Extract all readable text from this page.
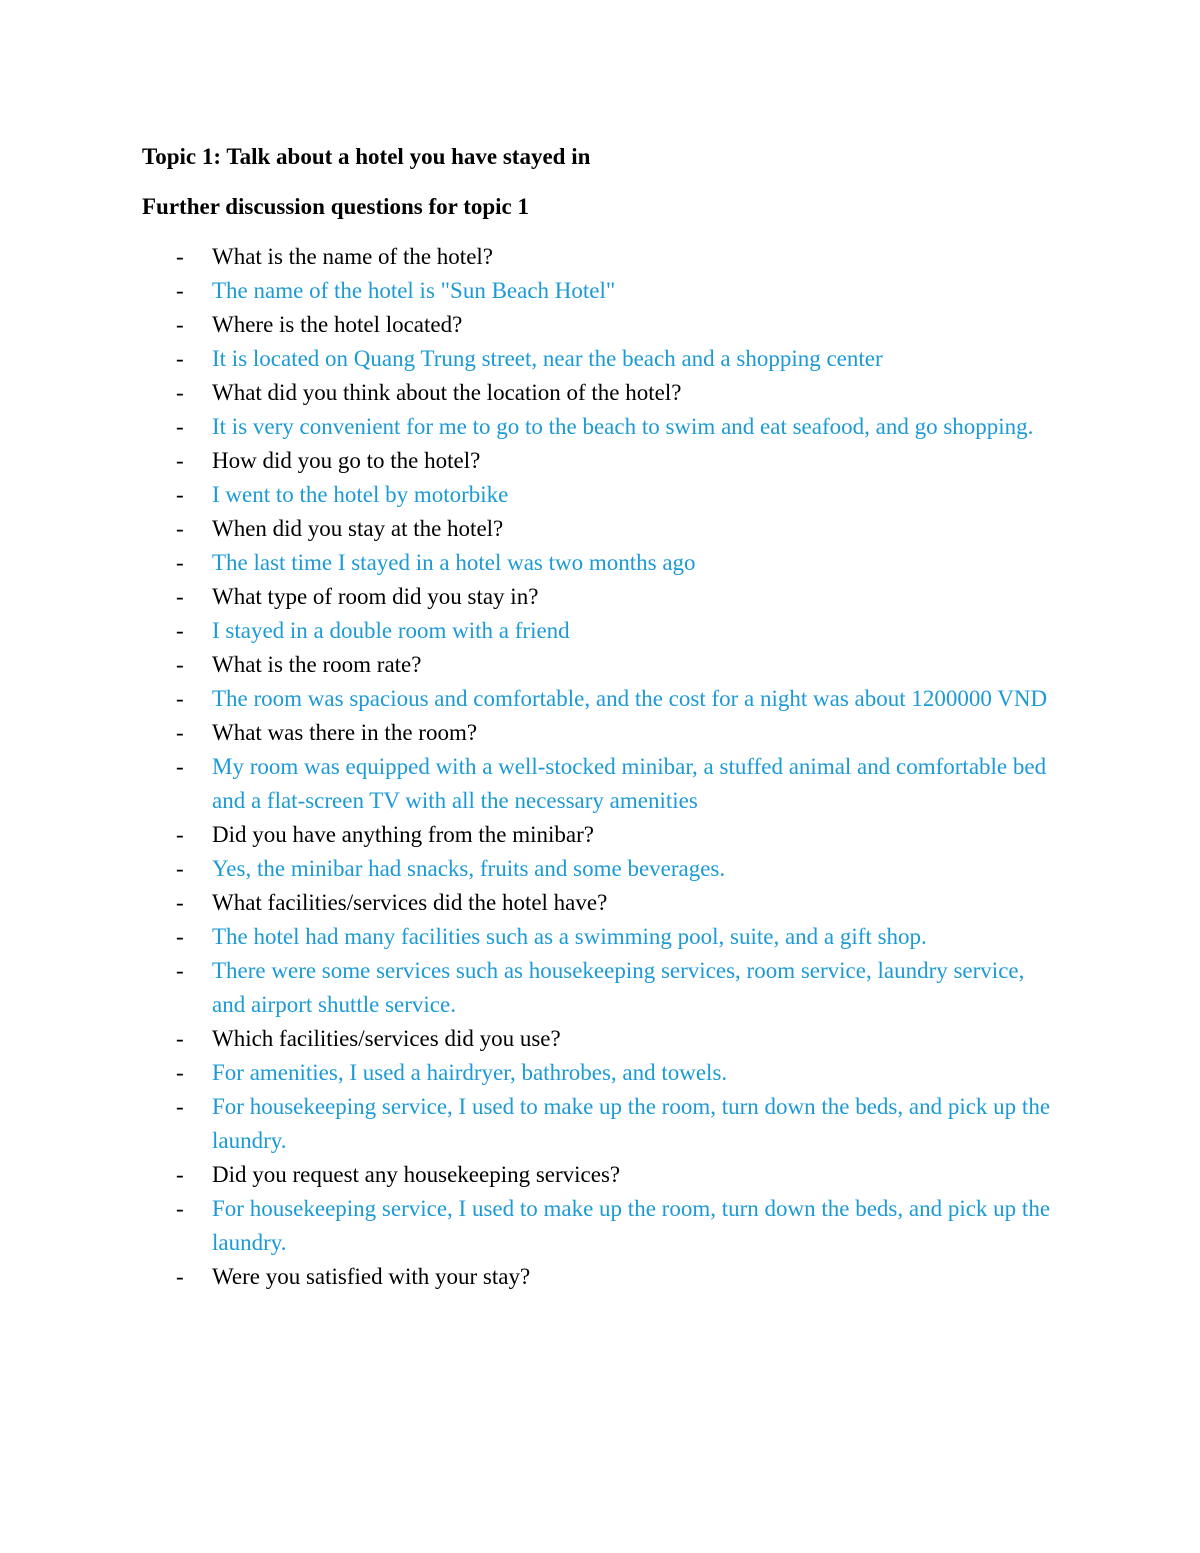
Topic 1: Talk about a hotel you have stayed in

Further discussion questions for topic 1

- What is the name of the hotel?
- The name of the hotel is "Sun Beach Hotel"
- Where is the hotel located?
- It is located on Quang Trung street, near the beach and a shopping center
- What did you think about the location of the hotel?
- It is very convenient for me to go to the beach to swim and eat seafood, and go shopping.
- How did you go to the hotel?
- I went to the hotel by motorbike
- When did you stay at the hotel?
- The last time I stayed in a hotel was two months ago
- What type of room did you stay in?
- I stayed in a double room with a friend
- What is the room rate?
- The room was spacious and comfortable, and the cost for a night was about 1200000 VND
- What was there in the room?
- My room was equipped with a well-stocked minibar, a stuffed animal and comfortable bed and a flat-screen TV with all the necessary amenities
- Did you have anything from the minibar?
- Yes, the minibar had snacks, fruits and some beverages.
- What facilities/services did the hotel have?
- The hotel had many facilities such as a swimming pool, suite, and a gift shop.
- There were some services such as housekeeping services, room service, laundry service, and airport shuttle service.
- Which facilities/services did you use?
- For amenities, I used a hairdryer, bathrobes, and towels.
- For housekeeping service, I used to make up the room, turn down the beds, and pick up the laundry.
- Did you request any housekeeping services?
- For housekeeping service, I used to make up the room, turn down the beds, and pick up the laundry.
- Were you satisfied with your stay?
